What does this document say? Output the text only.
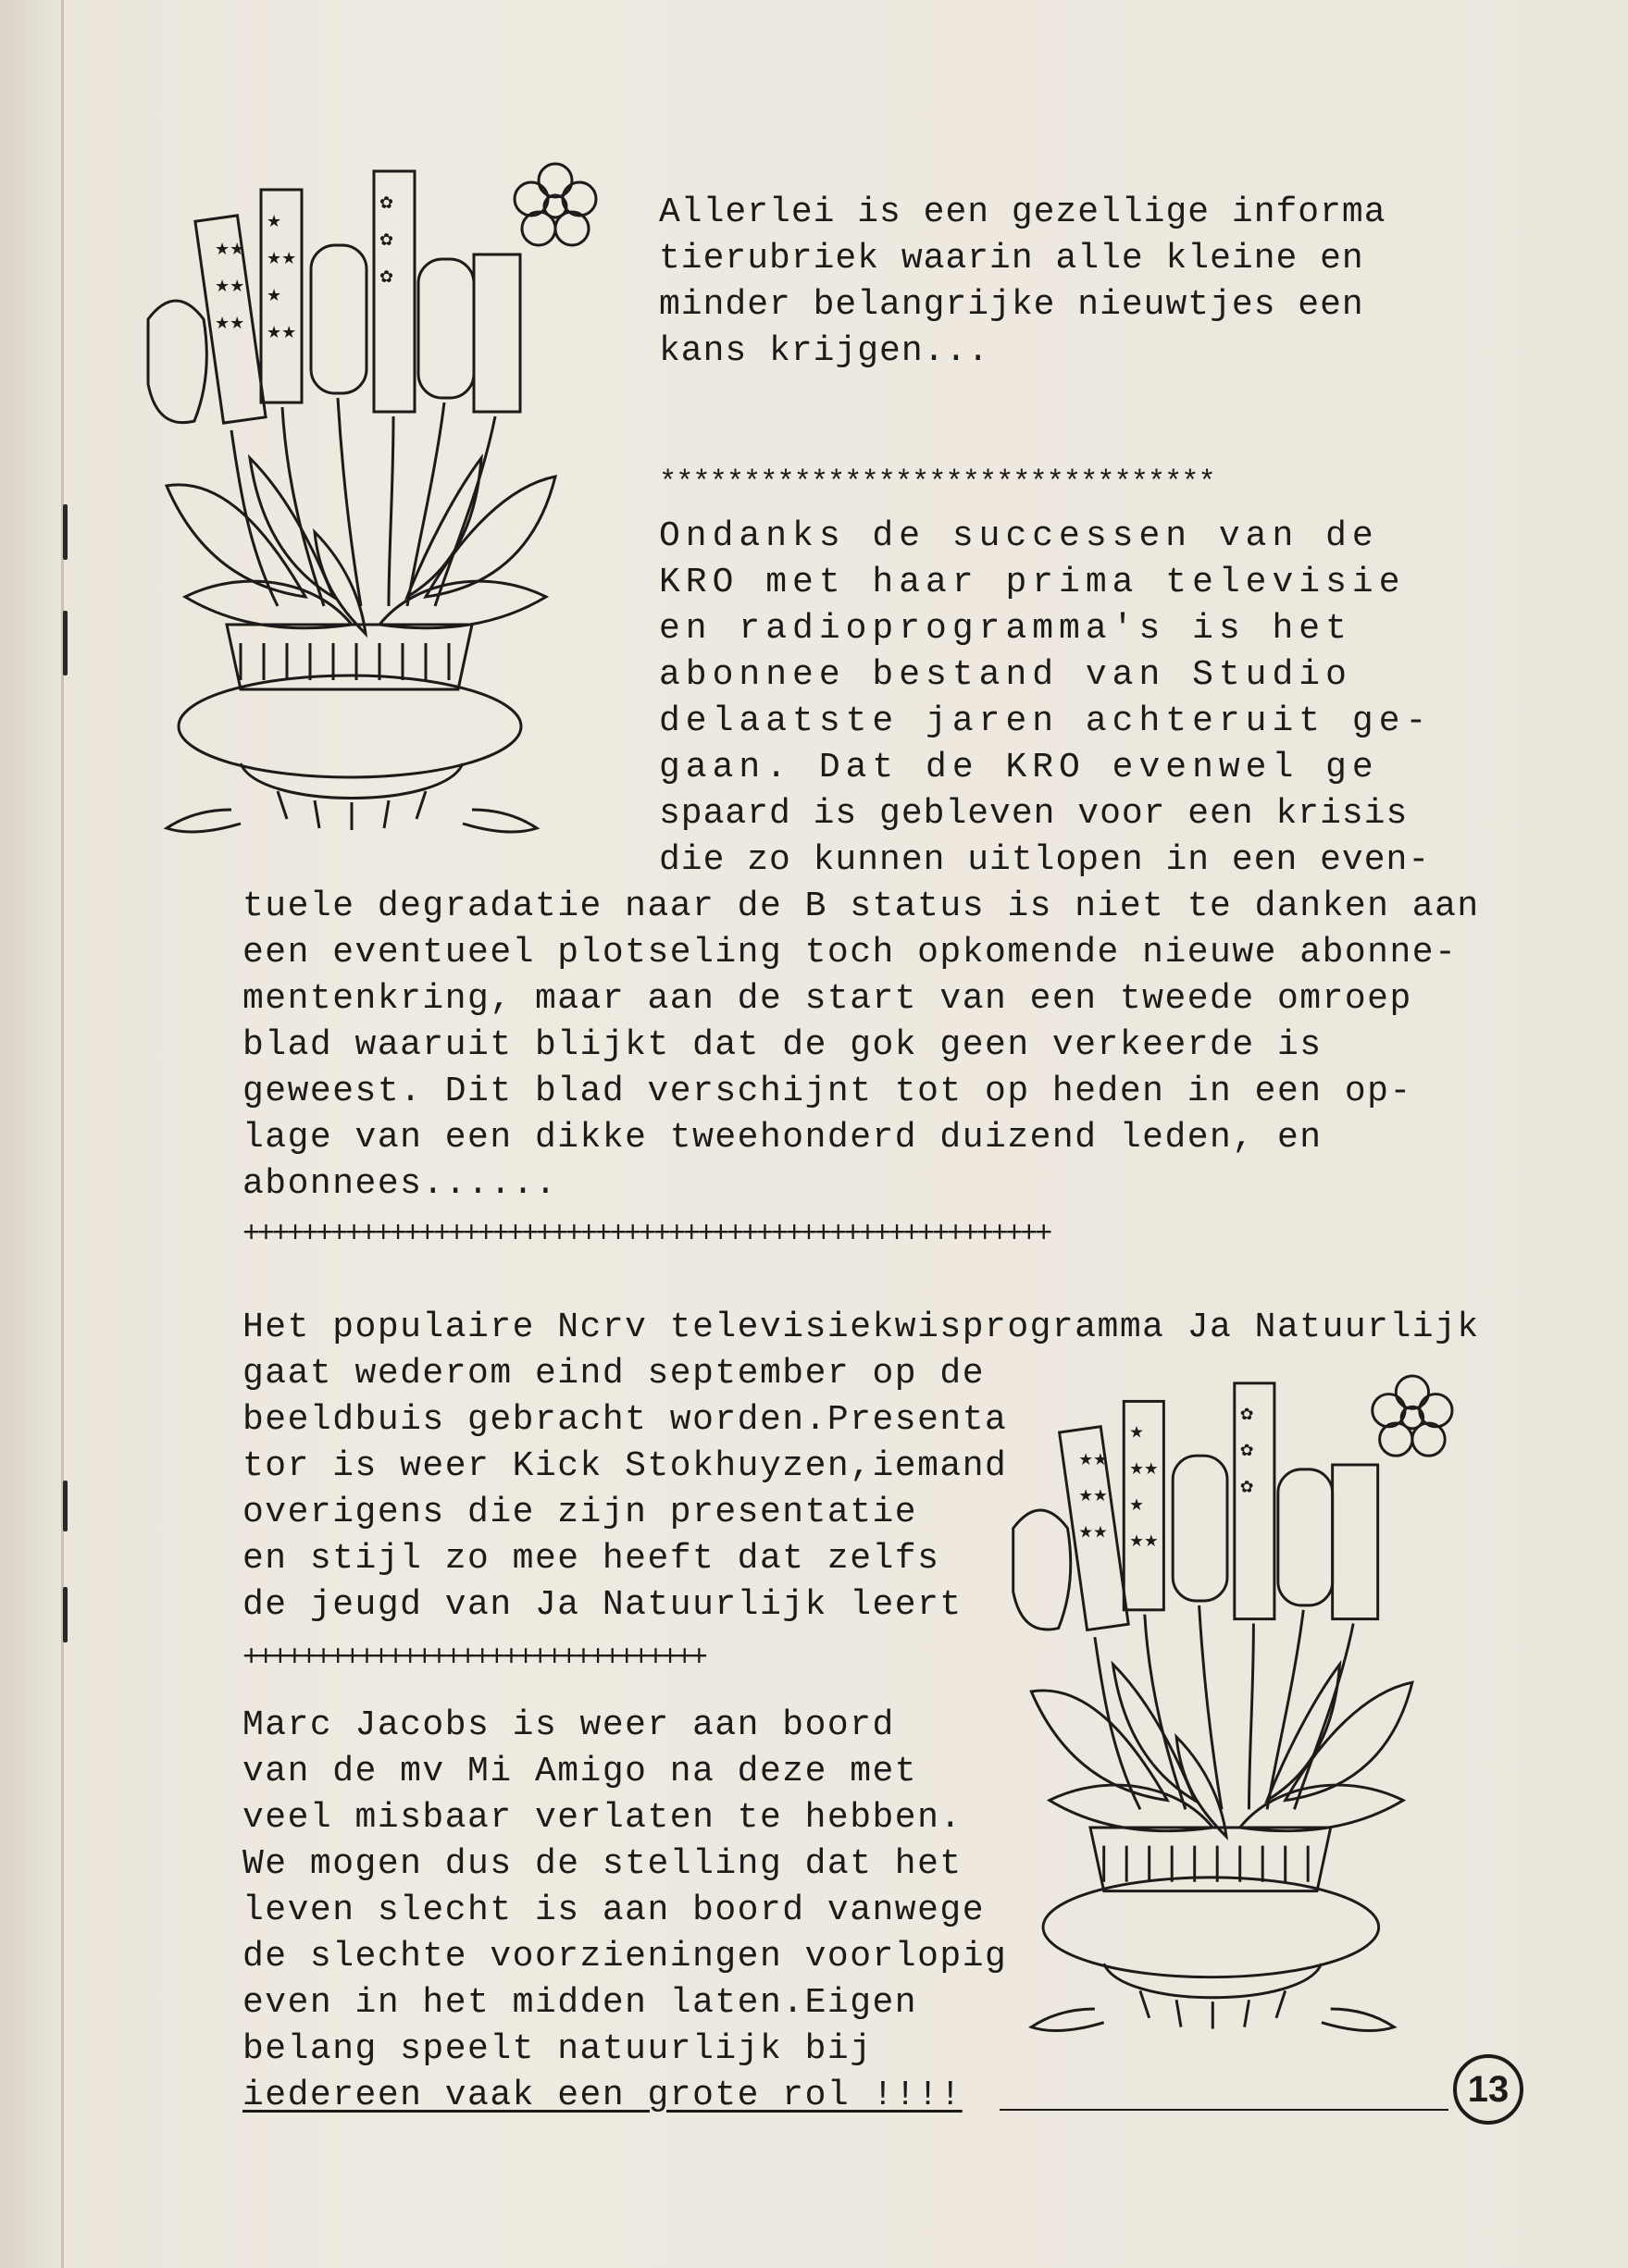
★★
★★
★★
★
★★
★
★★
✿
✿
✿
Allerlei is een gezellige informa
tierubriek waarin alle kleine en
minder belangrijke nieuwtjes een
kans krijgen...
*********************************
Ondanks de successen van de
KRO met haar prima televisie
en radioprogramma's is het
abonnee bestand van Studio
delaatste jaren achteruit ge-
gaan. Dat de KRO evenwel ge
spaard is gebleven voor een krisis
die zo kunnen uitlopen in een even-
tuele degradatie naar de B status is niet te danken aan
een eventueel plotseling toch opkomende nieuwe abonne-
mentenkring, maar aan de start van een tweede omroep
blad waaruit blijkt dat de gok geen verkeerde is
geweest. Dit blad verschijnt tot op heden in een op-
lage van een dikke tweehonderd duizend leden, en
abonnees......
+++++++++++++++++++++++++++++++++++++++++++++++++++++++
Het populaire Ncrv televisiekwisprogramma Ja Natuurlijk
gaat wederom eind september op de
beeldbuis gebracht worden.Presenta
tor is weer Kick Stokhuyzen,iemand
overigens die zijn presentatie
en stijl zo mee heeft dat zelfs
de jeugd van Ja Natuurlijk leert
++++++++++++++++++++++++++++++++
Marc Jacobs is weer aan boord
van de mv Mi Amigo na deze met
veel misbaar verlaten te hebben.
We mogen dus de stelling dat het
leven slecht is aan boord vanwege
de slechte voorzieningen voorlopig
even in het midden laten.Eigen
belang speelt natuurlijk bij
iedereen vaak een grote rol !!!!
★★
★★
★★
★
★★
★
★★
✿
✿
✿
13
